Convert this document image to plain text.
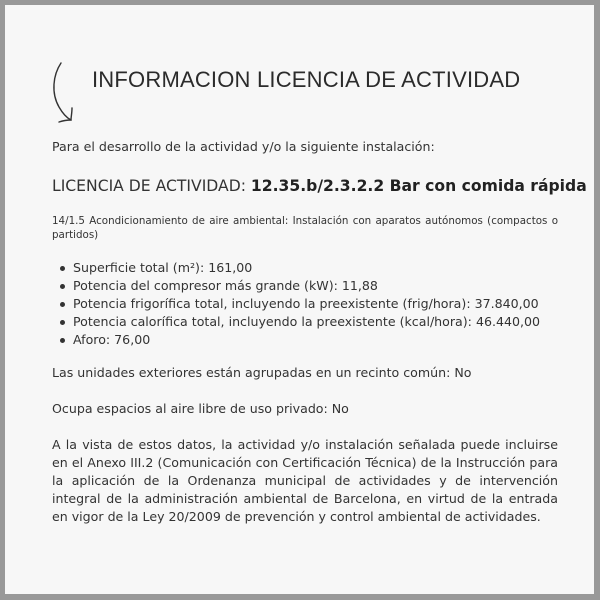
INFORMACION LICENCIA DE ACTIVIDAD
Para el desarrollo de la actividad y/o la siguiente instalación:
LICENCIA DE ACTIVIDAD: 12.35.b/2.3.2.2 Bar con comida rápida
14/1.5 Acondicionamiento de aire ambiental: Instalación con aparatos autónomos (compactos o partidos)
Superficie total (m²): 161,00
Potencia del compresor más grande (kW): 11,88
Potencia frigorífica total, incluyendo la preexistente (frig/hora): 37.840,00
Potencia calorífica total, incluyendo la preexistente (kcal/hora): 46.440,00
Aforo: 76,00
Las unidades exteriores están agrupadas en un recinto común: No
Ocupa espacios al aire libre de uso privado: No
A la vista de estos datos, la actividad y/o instalación señalada puede incluirse en el Anexo III.2 (Comunicación con Certificación Técnica) de la Instrucción para la aplicación de la Ordenanza municipal de actividades y de intervención integral de la administración ambiental de Barcelona, en virtud de la entrada en vigor de la Ley 20/2009 de prevención y control ambiental de actividades.
